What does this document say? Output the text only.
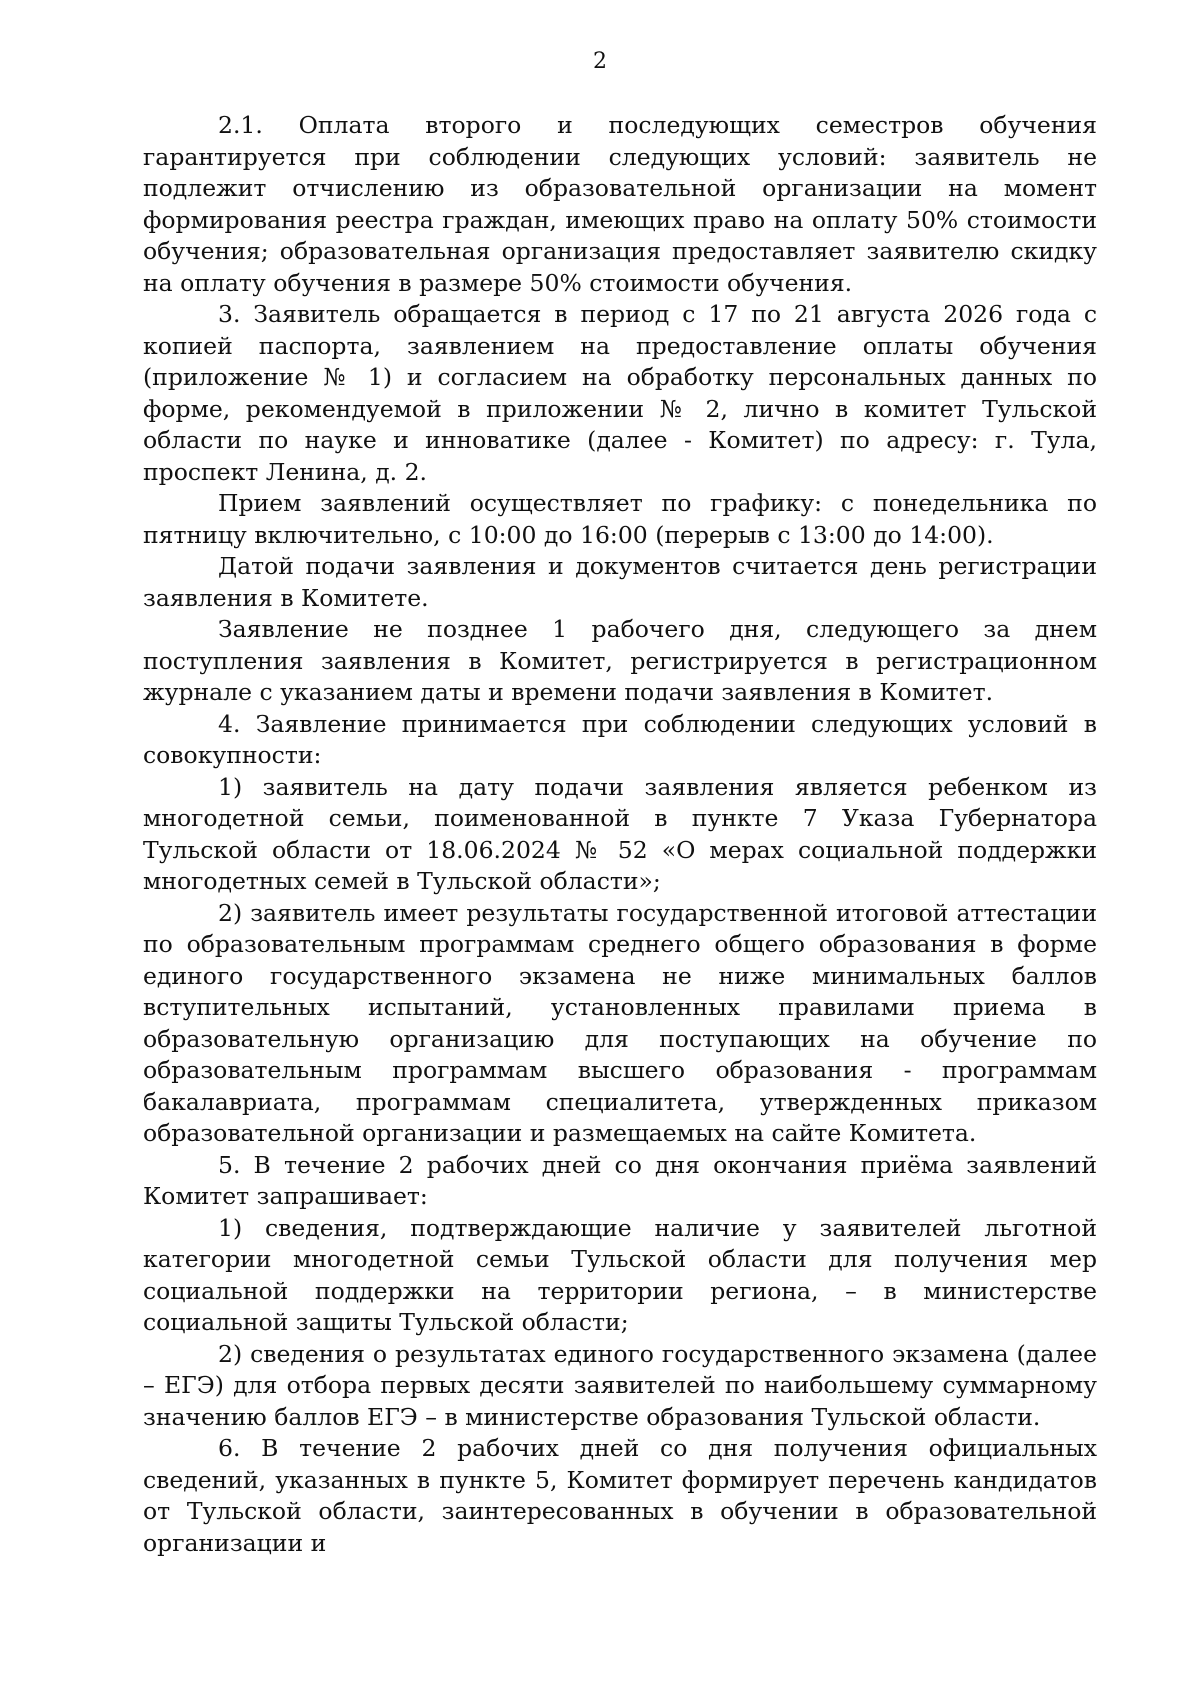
2

2.1. Оплата второго и последующих семестров обучения гарантируется при соблюдении следующих условий: заявитель не подлежит отчислению из образовательной организации на момент формирования реестра граждан, имеющих право на оплату 50% стоимости обучения; образовательная организация предоставляет заявителю скидку на оплату обучения в размере 50% стоимости обучения.

3. Заявитель обращается в период с 17 по 21 августа 2026 года с копией паспорта, заявлением на предоставление оплаты обучения (приложение № 1) и согласием на обработку персональных данных по форме, рекомендуемой в приложении № 2, лично в комитет Тульской области по науке и инноватике (далее - Комитет) по адресу: г. Тула, проспект Ленина, д. 2.

Прием заявлений осуществляет по графику: с понедельника по пятницу включительно, с 10:00 до 16:00 (перерыв с 13:00 до 14:00).

Датой подачи заявления и документов считается день регистрации заявления в Комитете.

Заявление не позднее 1 рабочего дня, следующего за днем поступления заявления в Комитет, регистрируется в регистрационном журнале с указанием даты и времени подачи заявления в Комитет.

4. Заявление принимается при соблюдении следующих условий в совокупности:

1) заявитель на дату подачи заявления является ребенком из многодетной семьи, поименованной в пункте 7 Указа Губернатора Тульской области от 18.06.2024 № 52 «О мерах социальной поддержки многодетных семей в Тульской области»;

2) заявитель имеет результаты государственной итоговой аттестации по образовательным программам среднего общего образования в форме единого государственного экзамена не ниже минимальных баллов вступительных испытаний, установленных правилами приема в образовательную организацию для поступающих на обучение по образовательным программам высшего образования - программам бакалавриата, программам специалитета, утвержденных приказом образовательной организации и размещаемых на сайте Комитета.

5. В течение 2 рабочих дней со дня окончания приёма заявлений Комитет запрашивает:

1) сведения, подтверждающие наличие у заявителей льготной категории многодетной семьи Тульской области для получения мер социальной поддержки на территории региона, – в министерстве социальной защиты Тульской области;

2) сведения о результатах единого государственного экзамена (далее – ЕГЭ) для отбора первых десяти заявителей по наибольшему суммарному значению баллов ЕГЭ – в министерстве образования Тульской области.

6. В течение 2 рабочих дней со дня получения официальных сведений, указанных в пункте 5, Комитет формирует перечень кандидатов от Тульской области, заинтересованных в обучении в образовательной организации и
